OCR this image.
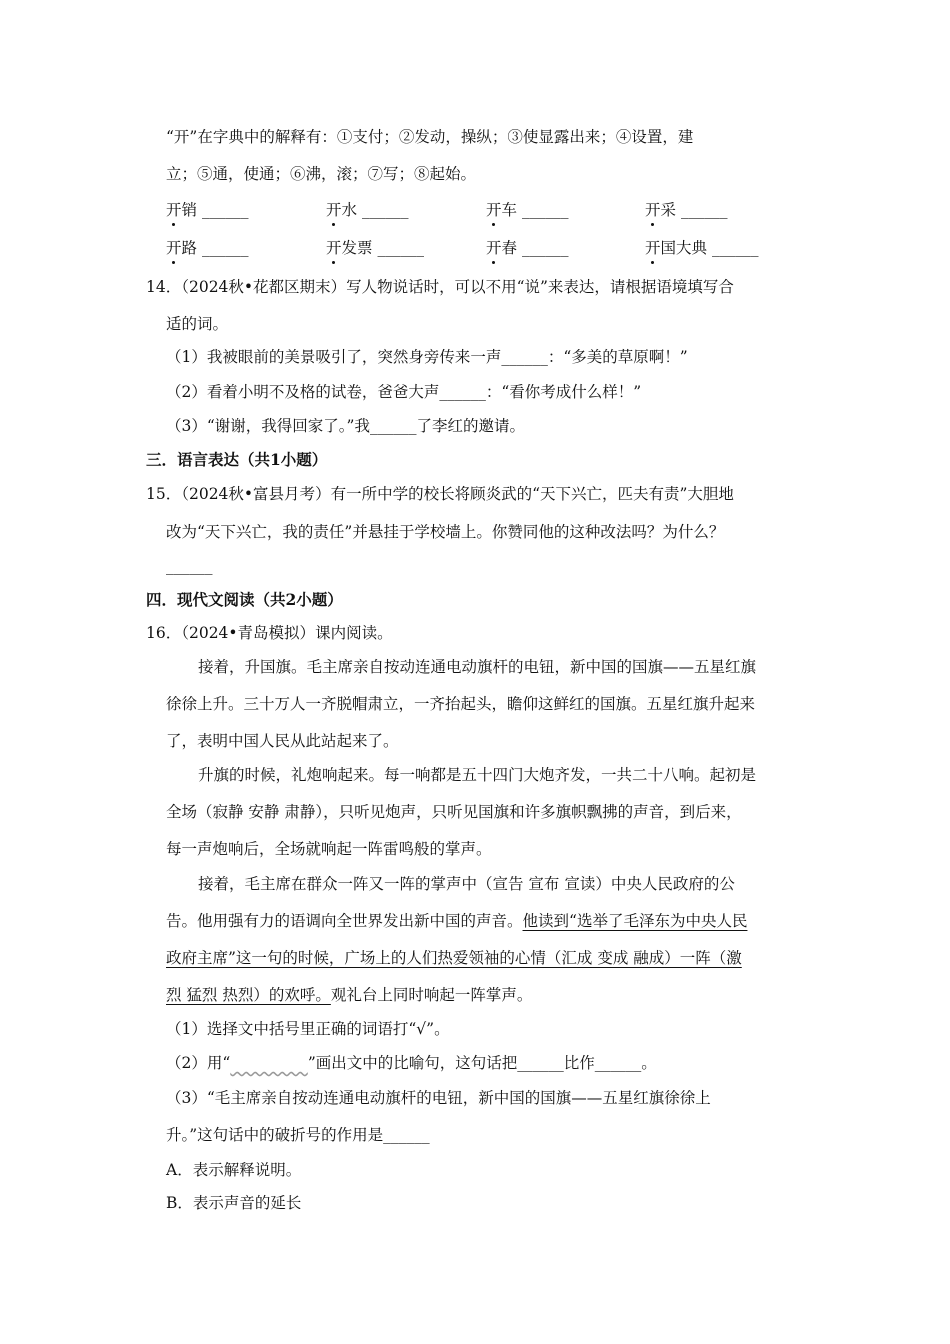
“开”在字典中的解释有：①支付；②发动，操纵；③使显露出来；④设置，建
立；⑤通，使通；⑥沸，滚；⑦写；⑧起始。
开销 ______	开水 ______	开车 ______	开采 ______
开路 ______	开发票 ______	开春 ______	开国大典 ______
14．（2024秋•花都区期末）写人物说话时，可以不用“说”来表达，请根据语境填写合
适的词。
（1）我被眼前的美景吸引了，突然身旁传来一声______：“多美的草原啊！”
（2）看着小明不及格的试卷，爸爸大声______：“看你考成什么样！”
（3）“谢谢，我得回家了。”我______了李红的邀请。
三．语言表达（共1小题）
15．（2024秋•富县月考）有一所中学的校长将顾炎武的“天下兴亡，匹夫有责”大胆地
改为“天下兴亡，我的责任”并悬挂于学校墙上。你赞同他的这种改法吗？为什么？
______
四．现代文阅读（共2小题）
16．（2024•青岛模拟）课内阅读。
接着，升国旗。毛主席亲自按动连通电动旗杆的电钮，新中国的国旗——五星红旗
徐徐上升。三十万人一齐脱帽肃立，一齐抬起头，瞻仰这鲜红的国旗。五星红旗升起来
了，表明中国人民从此站起来了。
升旗的时候，礼炮响起来。每一响都是五十四门大炮齐发，一共二十八响。起初是
全场（寂静 安静 肃静），只听见炮声，只听见国旗和许多旗帜飘拂的声音，到后来，
每一声炮响后，全场就响起一阵雷鸣般的掌声。
接着，毛主席在群众一阵又一阵的掌声中（宣告 宣布 宣读）中央人民政府的公
告。他用强有力的语调向全世界发出新中国的声音。他读到“选举了毛泽东为中央人民
政府主席”这一句的时候，广场上的人们热爱领袖的心情（汇成 变成 融成）一阵（激
烈 猛烈 热烈）的欢呼。观礼台上同时响起一阵掌声。
（1）选择文中括号里正确的词语打“√”。
（2）用“～～～～～”画出文中的比喻句，这句话把______比作______。
（3）“毛主席亲自按动连通电动旗杆的电钮，新中国的国旗——五星红旗徐徐上
升。”这句话中的破折号的作用是______
A．表示解释说明。
B．表示声音的延长
